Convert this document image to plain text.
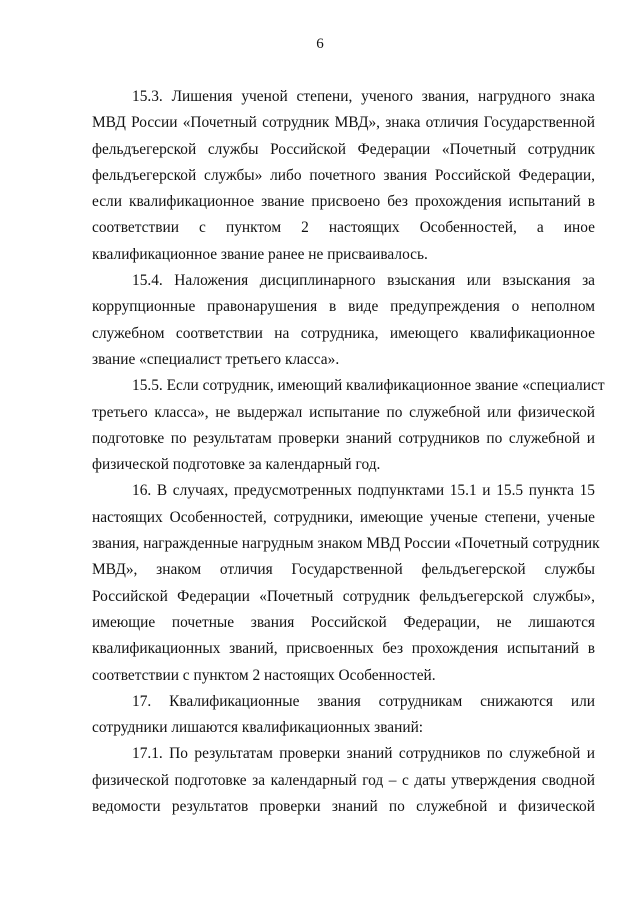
6
15.3. Лишения ученой степени, ученого звания, нагрудного знака
МВД России «Почетный сотрудник МВД», знака отличия Государственной
фельдъегерской службы Российской Федерации «Почетный сотрудник
фельдъегерской службы» либо почетного звания Российской Федерации,
если квалификационное звание присвоено без прохождения испытаний в
соответствии с пунктом 2 настоящих Особенностей, а иное
квалификационное звание ранее не присваивалось.
15.4. Наложения дисциплинарного взыскания или взыскания за
коррупционные правонарушения в виде предупреждения о неполном
служебном соответствии на сотрудника, имеющего квалификационное
звание «специалист третьего класса».
15.5. Если сотрудник, имеющий квалификационное звание «специалист
третьего класса», не выдержал испытание по служебной или физической
подготовке по результатам проверки знаний сотрудников по служебной и
физической подготовке за календарный год.
16. В случаях, предусмотренных подпунктами 15.1 и 15.5 пункта 15
настоящих Особенностей, сотрудники, имеющие ученые степени, ученые
звания, награжденные нагрудным знаком МВД России «Почетный сотрудник
МВД», знаком отличия Государственной фельдъегерской службы
Российской Федерации «Почетный сотрудник фельдъегерской службы»,
имеющие почетные звания Российской Федерации, не лишаются
квалификационных званий, присвоенных без прохождения испытаний в
соответствии с пунктом 2 настоящих Особенностей.
17. Квалификационные звания сотрудникам снижаются или
сотрудники лишаются квалификационных званий:
17.1. По результатам проверки знаний сотрудников по служебной и
физической подготовке за календарный год – с даты утверждения сводной
ведомости результатов проверки знаний по служебной и физической
